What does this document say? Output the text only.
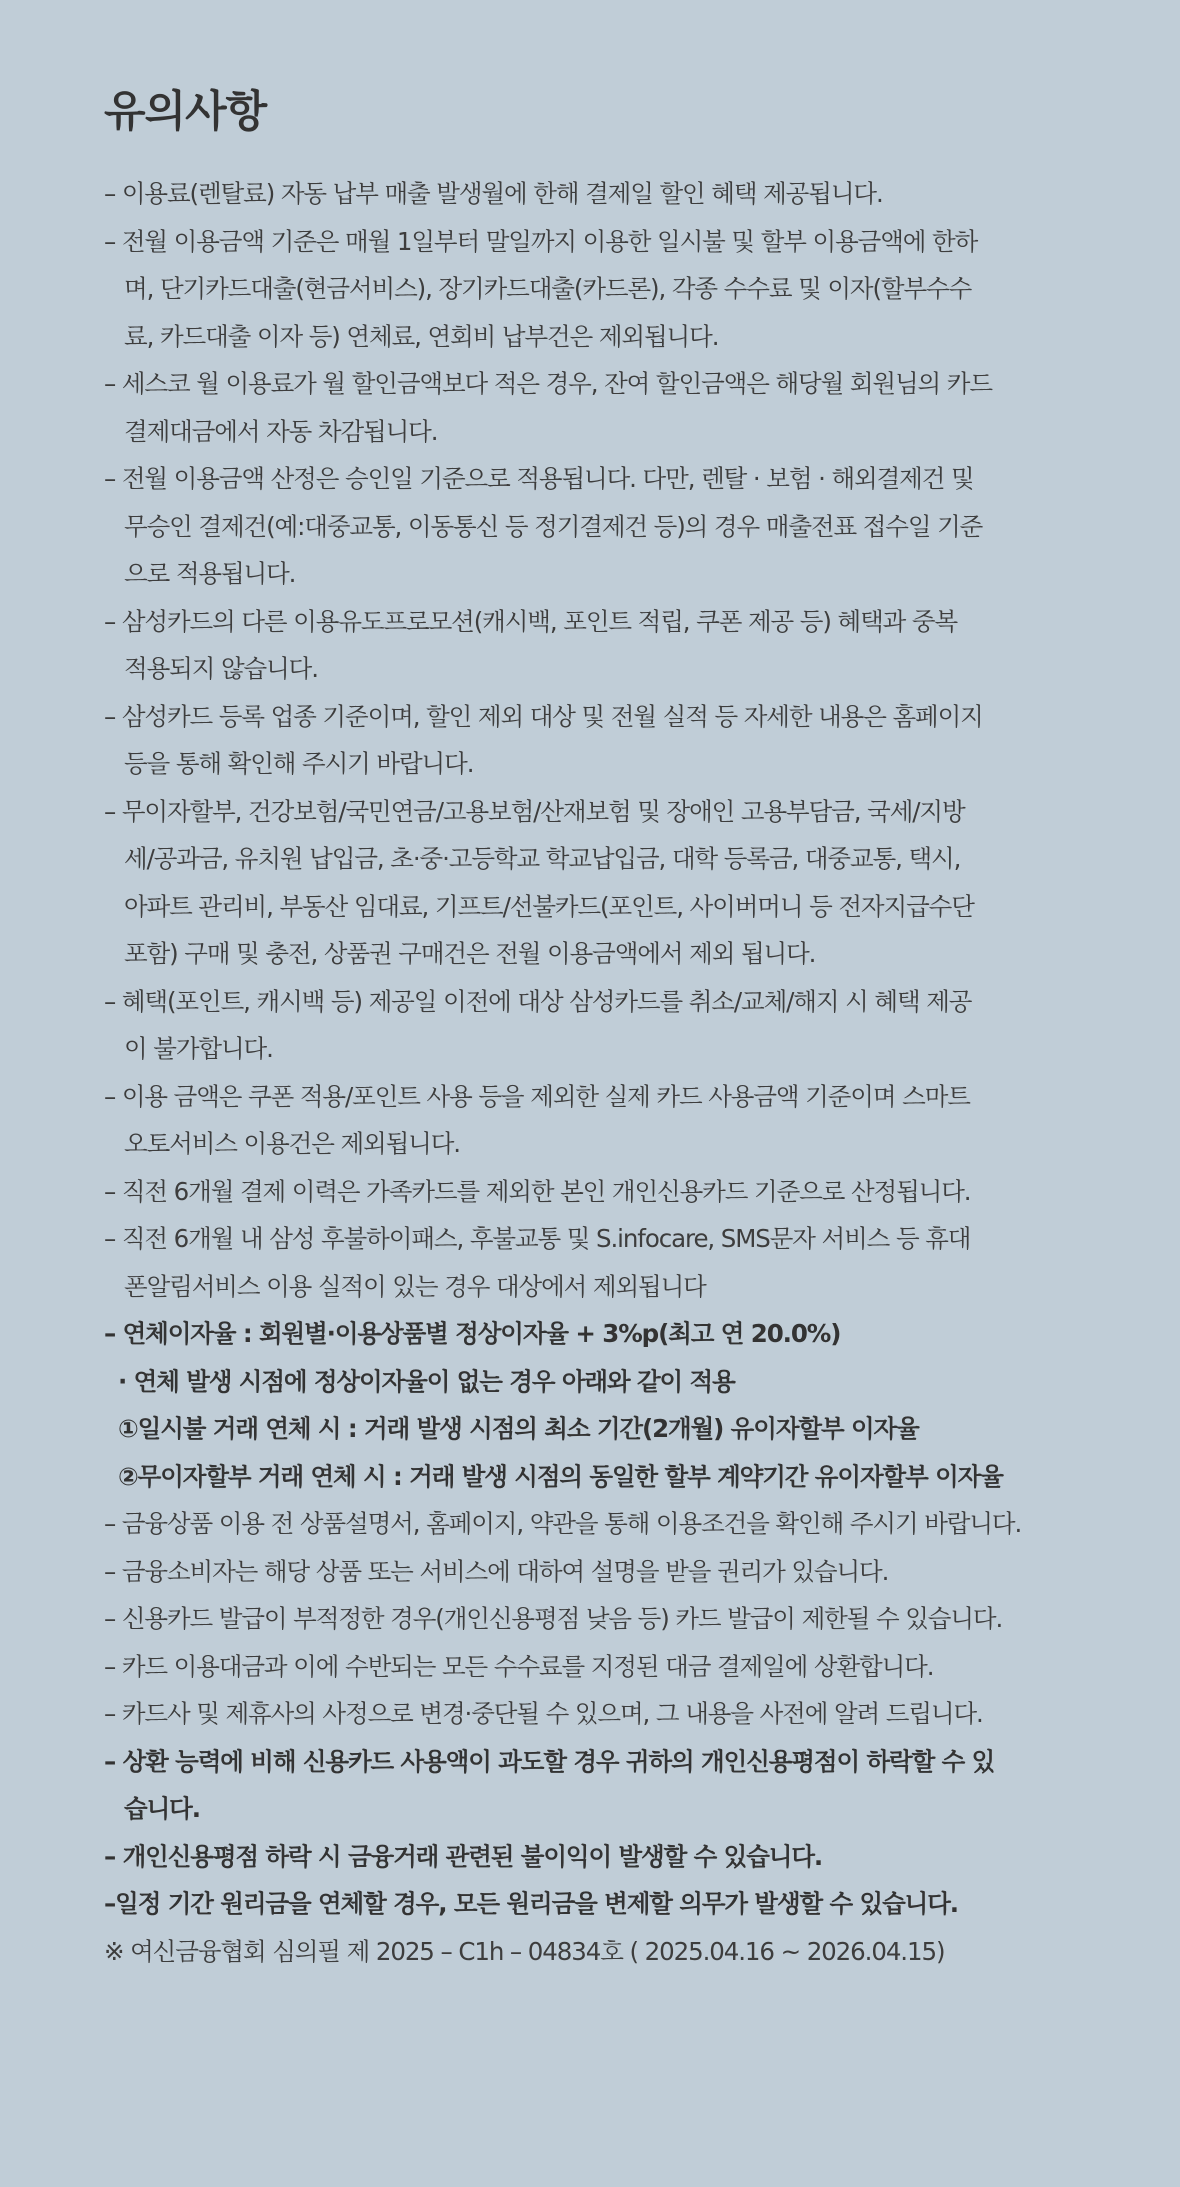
유의사항
– 이용료(렌탈료) 자동 납부 매출 발생월에 한해 결제일 할인 혜택 제공됩니다.
– 전월 이용금액 기준은 매월 1일부터 말일까지 이용한 일시불 및 할부 이용금액에 한하
며, 단기카드대출(현금서비스), 장기카드대출(카드론), 각종 수수료 및 이자(할부수수
료, 카드대출 이자 등) 연체료, 연회비 납부건은 제외됩니다.
– 세스코 월 이용료가 월 할인금액보다 적은 경우, 잔여 할인금액은 해당월 회원님의 카드
결제대금에서 자동 차감됩니다.
– 전월 이용금액 산정은 승인일 기준으로 적용됩니다. 다만, 렌탈 · 보험 · 해외결제건 및
무승인 결제건(예:대중교통, 이동통신 등 정기결제건 등)의 경우 매출전표 접수일 기준
으로 적용됩니다.
– 삼성카드의 다른 이용유도프로모션(캐시백, 포인트 적립, 쿠폰 제공 등) 혜택과 중복
적용되지 않습니다.
– 삼성카드 등록 업종 기준이며, 할인 제외 대상 및 전월 실적 등 자세한 내용은 홈페이지
등을 통해 확인해 주시기 바랍니다.
– 무이자할부, 건강보험/국민연금/고용보험/산재보험 및 장애인 고용부담금, 국세/지방
세/공과금, 유치원 납입금, 초·중·고등학교 학교납입금, 대학 등록금, 대중교통, 택시,
아파트 관리비, 부동산 임대료, 기프트/선불카드(포인트, 사이버머니 등 전자지급수단
포함) 구매 및 충전, 상품권 구매건은 전월 이용금액에서 제외 됩니다.
– 혜택(포인트, 캐시백 등) 제공일 이전에 대상 삼성카드를 취소/교체/해지 시 혜택 제공
이 불가합니다.
– 이용 금액은 쿠폰 적용/포인트 사용 등을 제외한 실제 카드 사용금액 기준이며 스마트
오토서비스 이용건은 제외됩니다.
– 직전 6개월 결제 이력은 가족카드를 제외한 본인 개인신용카드 기준으로 산정됩니다.
– 직전 6개월 내 삼성 후불하이패스, 후불교통 및 S.infocare, SMS문자 서비스 등 휴대
폰알림서비스 이용 실적이 있는 경우 대상에서 제외됩니다
– 연체이자율 : 회원별·이용상품별 정상이자율 + 3%p(최고 연 20.0%)
· 연체 발생 시점에 정상이자율이 없는 경우 아래와 같이 적용
①일시불 거래 연체 시 : 거래 발생 시점의 최소 기간(2개월) 유이자할부 이자율
②무이자할부 거래 연체 시 : 거래 발생 시점의 동일한 할부 계약기간 유이자할부 이자율
– 금융상품 이용 전 상품설명서, 홈페이지, 약관을 통해 이용조건을 확인해 주시기 바랍니다.
– 금융소비자는 해당 상품 또는 서비스에 대하여 설명을 받을 권리가 있습니다.
– 신용카드 발급이 부적정한 경우(개인신용평점 낮음 등) 카드 발급이 제한될 수 있습니다.
– 카드 이용대금과 이에 수반되는 모든 수수료를 지정된 대금 결제일에 상환합니다.
– 카드사 및 제휴사의 사정으로 변경·중단될 수 있으며, 그 내용을 사전에 알려 드립니다.
– 상환 능력에 비해 신용카드 사용액이 과도할 경우 귀하의 개인신용평점이 하락할 수 있
습니다.
– 개인신용평점 하락 시 금융거래 관련된 불이익이 발생할 수 있습니다.
–일정 기간 원리금을 연체할 경우, 모든 원리금을 변제할 의무가 발생할 수 있습니다.
※ 여신금융협회 심의필 제 2025 – C1h – 04834호 ( 2025.04.16 ~ 2026.04.15)
